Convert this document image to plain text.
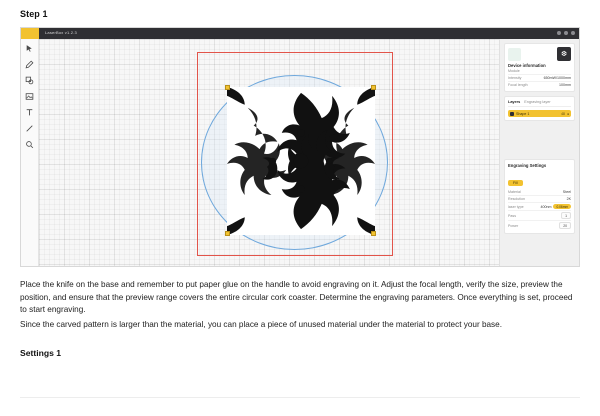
Step 1
LaserBox v1.2.3
❆
Device information
Module
Intensity	650mW/1000mm
Focal length	100mm
Layers Engraving layer
Shape 1	48 ●
Engraving Settings
Fill
Material	Steel
Resolution	2K
laser type	400nm	0.06mm
Pass	1
Power	20

Place the knife on the base and remember to put paper glue on the handle to avoid engraving on it. Adjust the focal length, verify the size, preview the position, and ensure that the preview range covers the entire circular cork coaster. Determine the engraving parameters. Once everything is set, proceed to start engraving.

Since the carved pattern is larger than the material, you can place a piece of unused material under the material to protect your base.

Settings 1
